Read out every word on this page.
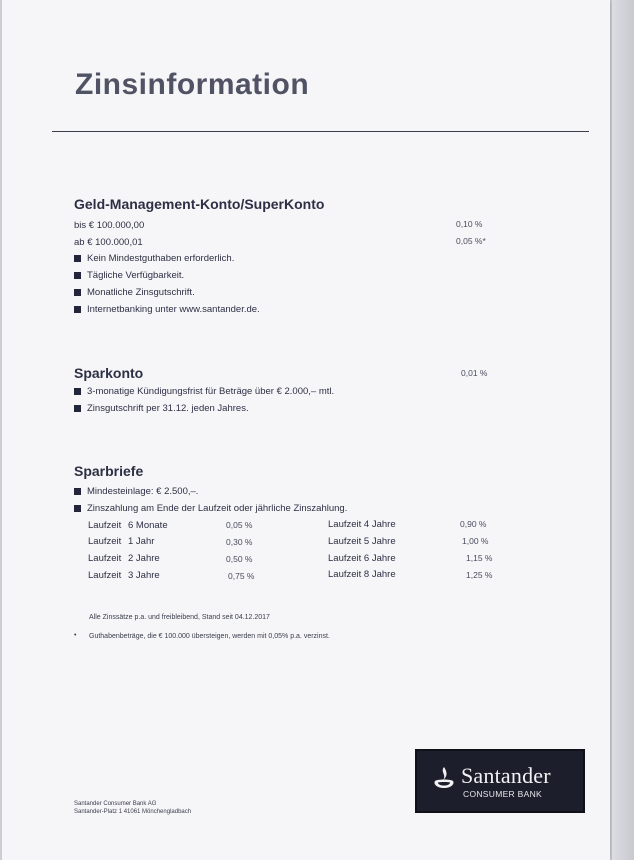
Zinsinformation
Geld-Management-Konto/SuperKonto
bis € 100.000,00	0,10 %
ab € 100.000,01	0,05 %*
Kein Mindestguthaben erforderlich.
Tägliche Verfügbarkeit.
Monatliche Zinsgutschrift.
Internetbanking unter www.santander.de.
Sparkonto	0,01 %
3-monatige Kündigungsfrist für Beträge über € 2.000,– mtl.
Zinsgutschrift per 31.12. jeden Jahres.
Sparbriefe
Mindesteinlage: € 2.500,–.
Zinszahlung am Ende der Laufzeit oder jährliche Zinszahlung.
Laufzeit 6 Monate	0,05 %
Laufzeit 1 Jahr	0,30 %
Laufzeit 2 Jahre	0,50 %
Laufzeit 3 Jahre	0,75 %
Laufzeit 4 Jahre	0,90 %
Laufzeit 5 Jahre	1,00 %
Laufzeit 6 Jahre	1,15 %
Laufzeit 8 Jahre	1,25 %
Alle Zinssätze p.a. und freibleibend, Stand seit 04.12.2017
• Guthabenbeträge, die € 100.000 übersteigen, werden mit 0,05% p.a. verzinst.
Santander Consumer Bank AG
Santander-Platz 1 41061 Mönchengladbach
Santander
CONSUMER BANK
